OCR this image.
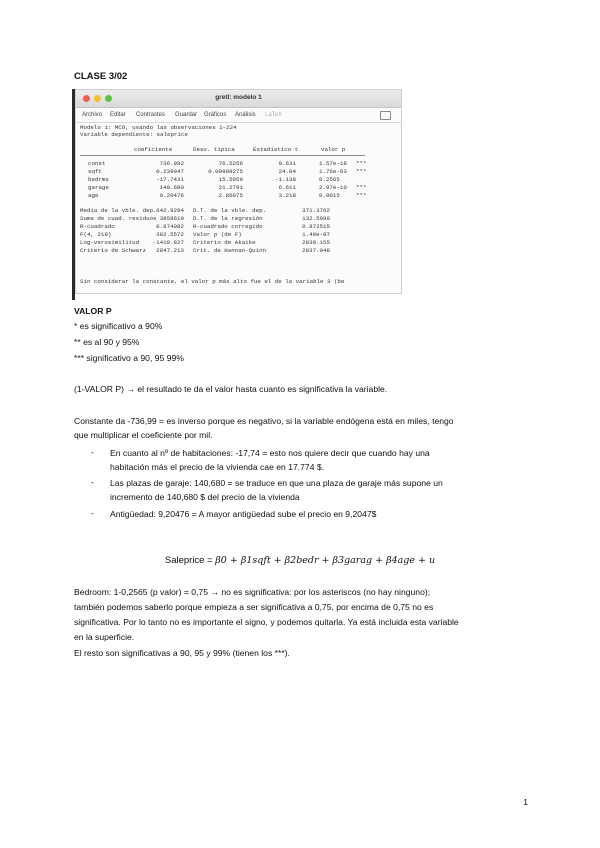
CLASE 3/02
gretl: modelo 1
Archivo Editar Contrastes Guardar Gráficos Análisis LaTeX
Modelo 1: MCO, usando las observaciones 1–224
Variable dependiente: saleprice
coeficiente	Desv. típica	Estadístico t	valor p
const	736.992	76.5256	9.631	1.57e-18 ***
sqft	0.239947	0.00998275	24.04	1.76e-63 ***
bedrms	-17.7431	15.5959	-1.138	0.2565
garage	140.680	21.2791	6.611	2.97e-10 ***
age	9.20476	2.86075	3.218	0.0015	***
Media de la vble. dep. 642.9294 D.T. de la vble. dep.	371.3762
Suma de cuad. residuos 3858619 D.T. de la regresión	132.5999
R-cuadrado	0.874082 R-cuadrado corregido	0.872515
F(4, 219)	382.5572 Valor p (de F)	1.49e-97
Log-verosimilitud	-1410.827 Criterio de Akaike	2830.155
Criterio de Schwarz	2847.213 Crit. de Hannan-Quinn	2837.048
Sin considerar la constante, el valor p más alto fue el de la variable 3 (be
VALOR P
* es significativo a 90%
** es al 90 y 95%
*** significativo a 90, 95 99%
(1-VALOR P) → el resultado te da el valor hasta cuanto es significativa la variable.
Constante da -736,99 = es inverso porque es negativo, si la variable endógena está en miles, tengo
que multiplicar el coeficiente por mil.
- En cuanto al nº de habitaciones: -17,74 = esto nos quiere decir que cuando hay una
habitación más el precio de la vivienda cae en 17.774 $.
- Las plazas de garaje: 140,680 = se traduce en que una plaza de garaje más supone un
incremento de 140,680 $ del precio de la vivienda
- Antigüedad: 9,20476 = A mayor antigüedad sube el precio en 9,2047$
Saleprice = β0 + β1sqft + β2bedr + β3garag + β4age + u
Bedroom: 1-0,2565 (p valor) = 0,75 → no es significativa: por los asteriscos (no hay ninguno);
también podemos saberlo porque empieza a ser significativa a 0,75, por encima de 0,75 no es
significativa. Por lo tanto no es importante el signo, y podemos quitarla. Ya está incluida esta variable
en la superficie.
El resto son significativas a 90, 95 y 99% (tienen los ***).
1
